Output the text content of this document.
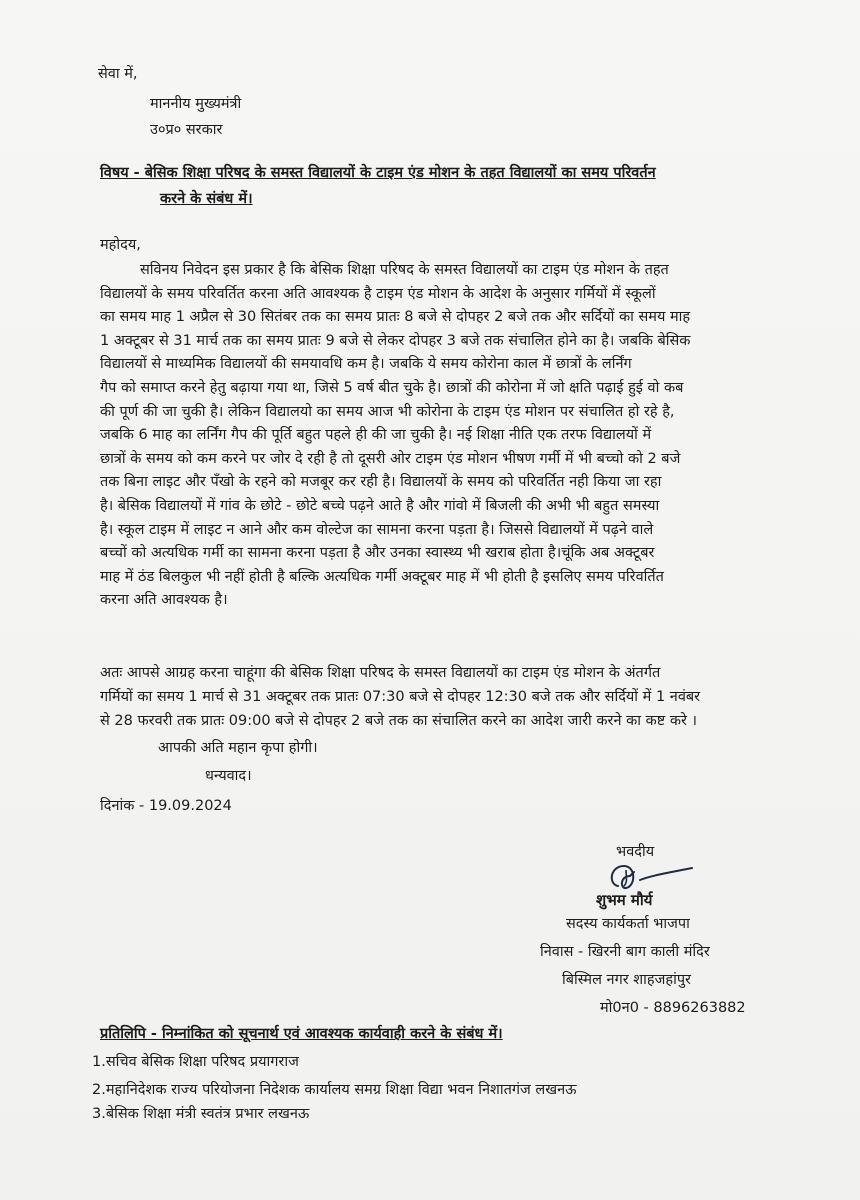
सेवा में,
माननीय मुख्यमंत्री
उ०प्र० सरकार
विषय - बेसिक शिक्षा परिषद के समस्त विद्यालयों के टाइम एंड मोशन के तहत विद्यालयों का समय परिवर्तन
करने के संबंध में।
महोदय,
सविनय निवेदन इस प्रकार है कि बेसिक शिक्षा परिषद के समस्त विद्यालयों का टाइम एंड मोशन के तहत
विद्यालयों के समय परिवर्तित करना अति आवश्यक है टाइम एंड मोशन के आदेश के अनुसार गर्मियों में स्कूलों
का समय माह 1 अप्रैल से 30 सितंबर तक का समय प्रातः 8 बजे से दोपहर 2 बजे तक और सर्दियों का समय माह
1 अक्टूबर से 31 मार्च तक का समय प्रातः 9 बजे से लेकर दोपहर 3 बजे तक संचालित होने का है। जबकि बेसिक
विद्यालयों से माध्यमिक विद्यालयों की समयावधि कम है। जबकि ये समय कोरोना काल में छात्रों के लर्निंग
गैप को समाप्त करने हेतु बढ़ाया गया था, जिसे 5 वर्ष बीत चुके है। छात्रों की कोरोना में जो क्षति पढ़ाई हुई वो कब
की पूर्ण की जा चुकी है। लेकिन विद्यालयो का समय आज भी कोरोना के टाइम एंड मोशन पर संचालित हो रहे है,
जबकि 6 माह का लर्निंग गैप की पूर्ति बहुत पहले ही की जा चुकी है। नई शिक्षा नीति एक तरफ विद्यालयों में
छात्रों के समय को कम करने पर जोर दे रही है तो दूसरी ओर टाइम एंड मोशन भीषण गर्मी में भी बच्चो को 2 बजे
तक बिना लाइट और पँखो के रहने को मजबूर कर रही है। विद्यालयों के समय को परिवर्तित नही किया जा रहा
है। बेसिक विद्यालयों में गांव के छोटे - छोटे बच्चे पढ़ने आते है और गांवो में बिजली की अभी भी बहुत समस्या
है। स्कूल टाइम में लाइट न आने और कम वोल्टेज का सामना करना पड़ता है। जिससे विद्यालयों में पढ़ने वाले
बच्चों को अत्यधिक गर्मी का सामना करना पड़ता है और उनका स्वास्थ्य भी खराब होता है।चूंकि अब अक्टूबर
माह में ठंड बिलकुल भी नहीं होती है बल्कि अत्यधिक गर्मी अक्टूबर माह में भी होती है इसलिए समय परिवर्तित
करना अति आवश्यक है।
अतः आपसे आग्रह करना चाहूंगा की बेसिक शिक्षा परिषद के समस्त विद्यालयों का टाइम एंड मोशन के अंतर्गत
गर्मियों का समय 1 मार्च से 31 अक्टूबर तक प्रातः 07:30 बजे से दोपहर 12:30 बजे तक और सर्दियों में 1 नवंबर
से 28 फरवरी तक प्रातः 09:00 बजे से दोपहर 2 बजे तक का संचालित करने का आदेश जारी करने का कष्ट करे ।
आपकी अति महान कृपा होगी।
धन्यवाद।
दिनांक - 19.09.2024
भवदीय
शुभम मौर्य
सदस्य कार्यकर्ता भाजपा
निवास - खिरनी बाग काली मंदिर
बिस्मिल नगर शाहजहांपुर
मो0न0 - 8896263882
प्रतिलिपि - निम्नांकित को सूचनार्थ एवं आवश्यक कार्यवाही करने के संबंध में।
1.सचिव बेसिक शिक्षा परिषद प्रयागराज
2.महानिदेशक राज्य परियोजना निदेशक कार्यालय समग्र शिक्षा विद्या भवन निशातगंज लखनऊ
3.बेसिक शिक्षा मंत्री स्वतंत्र प्रभार लखनऊ
